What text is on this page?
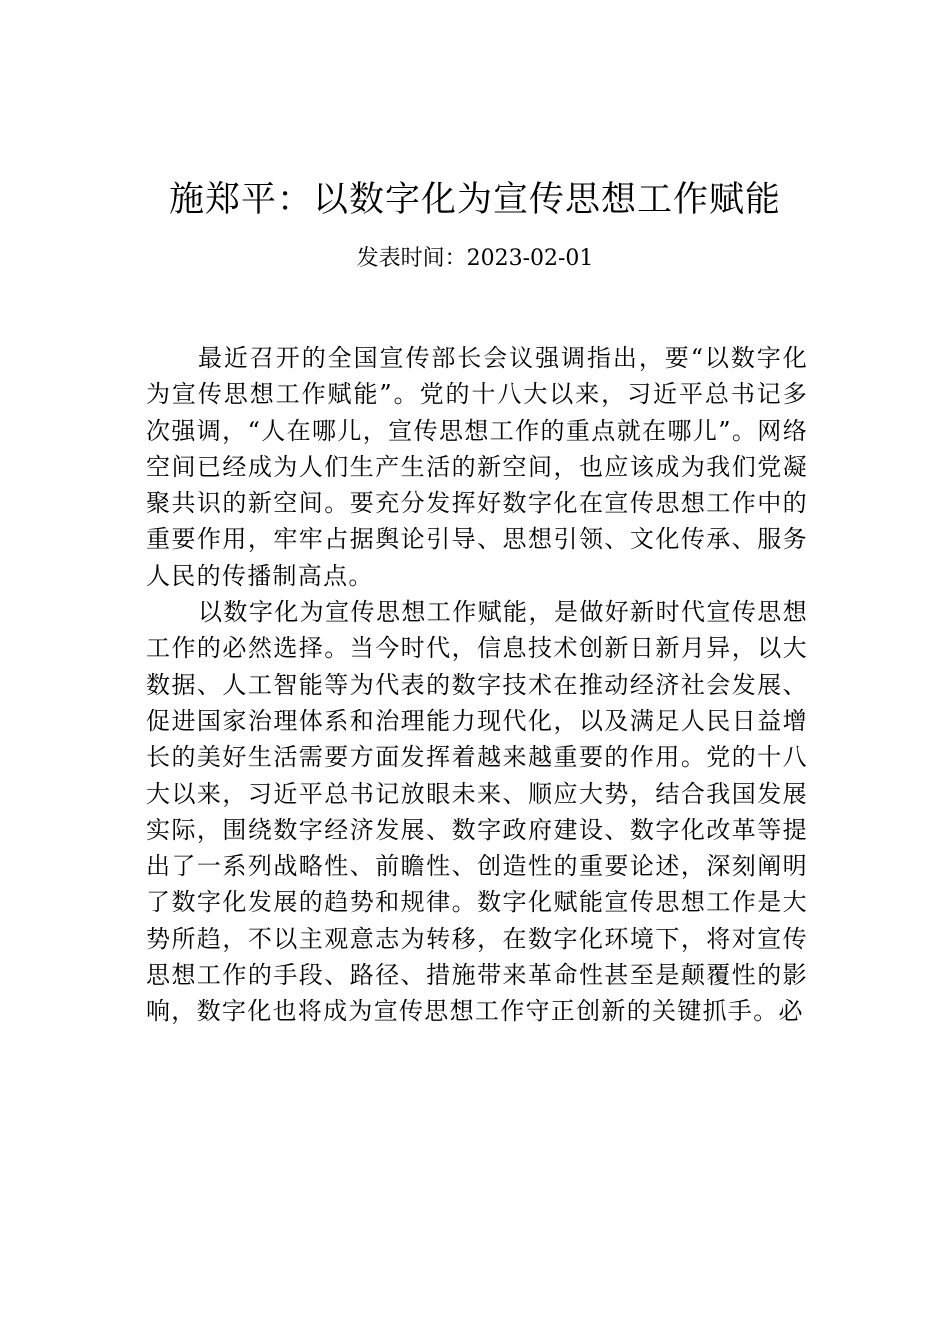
施郑平：以数字化为宣传思想工作赋能
发表时间：2023-02-01

最近召开的全国宣传部长会议强调指出，要“以数字化为宣传思想工作赋能”。党的十八大以来，习近平总书记多次强调，“人在哪儿，宣传思想工作的重点就在哪儿”。网络空间已经成为人们生产生活的新空间，也应该成为我们党凝聚共识的新空间。要充分发挥好数字化在宣传思想工作中的重要作用，牢牢占据舆论引导、思想引领、文化传承、服务人民的传播制高点。

以数字化为宣传思想工作赋能，是做好新时代宣传思想工作的必然选择。当今时代，信息技术创新日新月异，以大数据、人工智能等为代表的数字技术在推动经济社会发展、 促进国家治理体系和治理能力现代化，以及满足人民日益增长的美好生活需要方面发挥着越来越重要的作用。党的十八大以来，习近平总书记放眼未来、顺应大势，结合我国发展实际，围绕数字经济发展、数字政府建设、数字化改革等提出了一系列战略性、前瞻性、创造性的重要论述，深刻阐明了数字化发展的趋势和规律。数字化赋能宣传思想工作是大势所趋，不以主观意志为转移，在数字化环境下，将对宣传思想工作的手段、路径、措施带来革命性甚至是颠覆性的影响，数字化也将成为宣传思想工作守正创新的关键抓手。必
